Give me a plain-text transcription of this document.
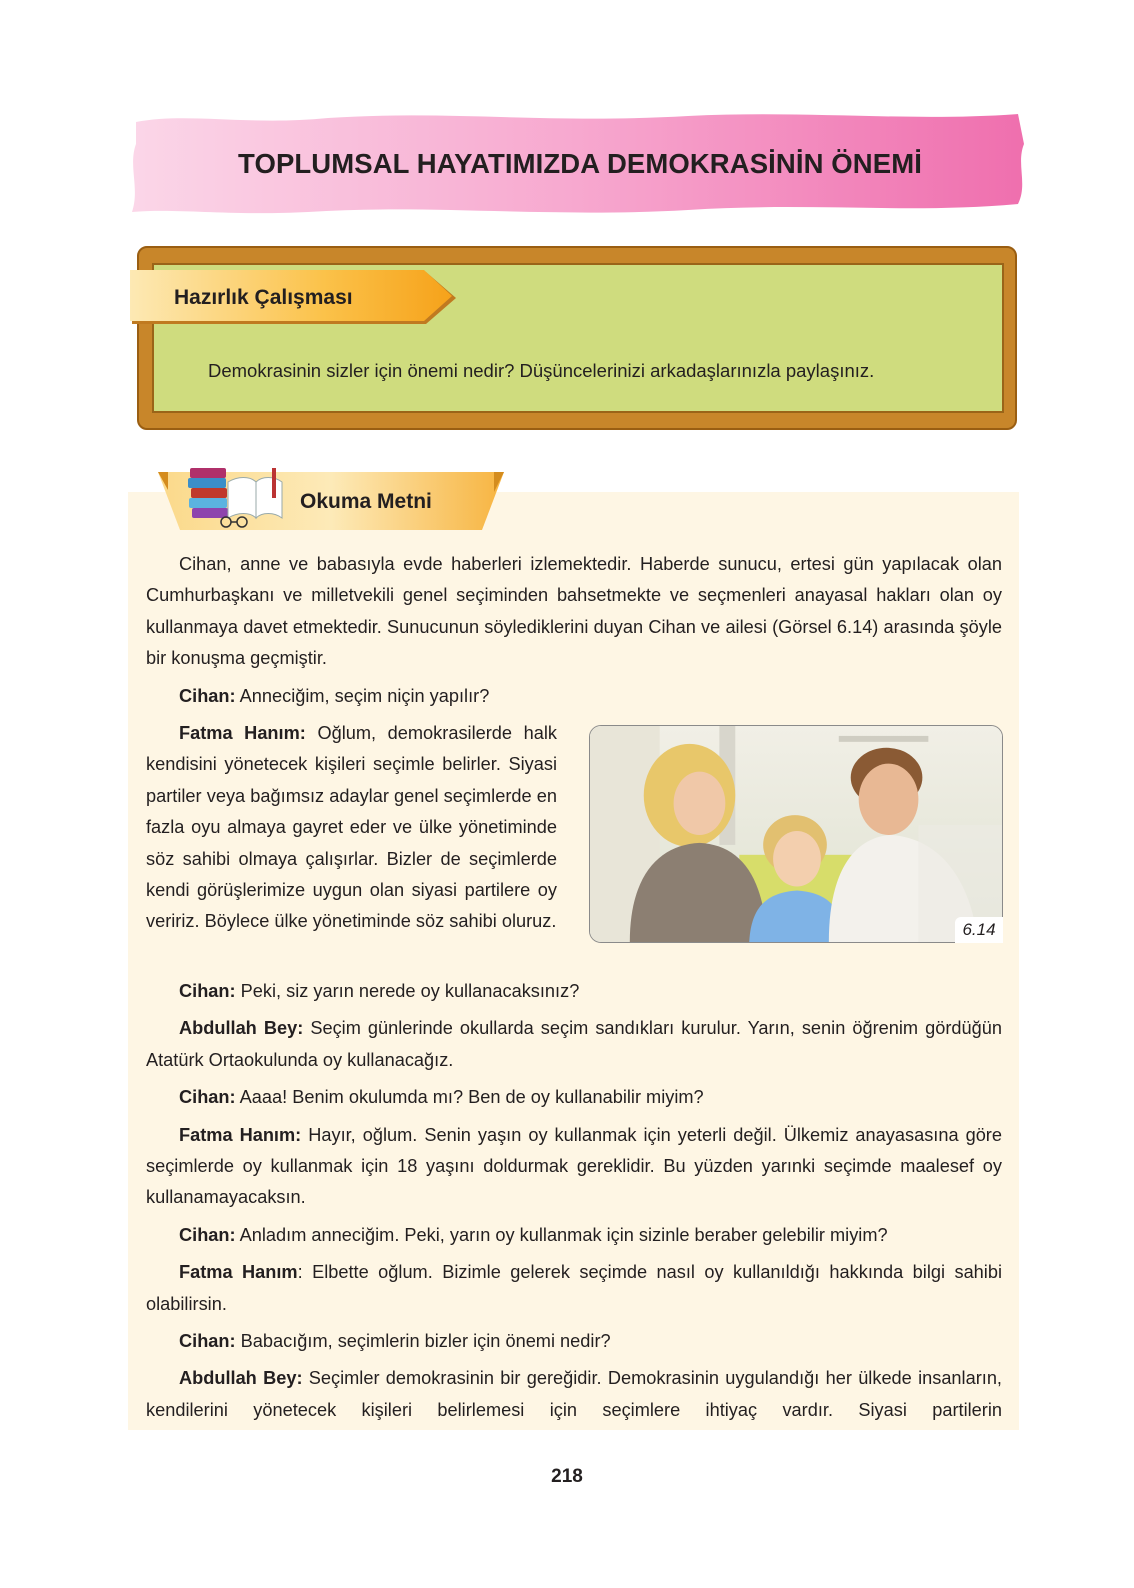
TOPLUMSAL HAYATIMIZDA DEMOKRASİNİN ÖNEMİ
Hazırlık Çalışması
Demokrasinin sizler için önemi nedir? Düşüncelerinizi arkadaşlarınızla paylaşınız.
Okuma Metni

Cihan, anne ve babasıyla evde haberleri izlemektedir. Haberde sunucu, ertesi gün yapılacak olan Cumhurbaşkanı ve milletvekili genel seçiminden bahsetmekte ve seçmenleri anayasal hakları olan oy kullanmaya davet etmektedir. Sunucunun söylediklerini duyan Cihan ve ailesi (Görsel 6.14) arasında şöyle bir konuşma geçmiştir.

Cihan: Anneciğim, seçim niçin yapılır?

Fatma Hanım: Oğlum, demokrasilerde halk kendisini yönetecek kişileri seçimle belirler. Siyasi partiler veya bağımsız adaylar genel seçimlerde en fazla oyu almaya gayret eder ve ülke yönetiminde söz sahibi olmaya çalışırlar. Bizler de seçimlerde kendi görüşlerimize uygun olan siyasi partilere oy veririz. Böylece ülke yönetiminde söz sahibi oluruz.	6.14

Cihan: Peki, siz yarın nerede oy kullanacaksınız?

Abdullah Bey: Seçim günlerinde okullarda seçim sandıkları kurulur. Yarın, senin öğrenim gördüğün Atatürk Ortaokulunda oy kullanacağız.

Cihan: Aaaa! Benim okulumda mı? Ben de oy kullanabilir miyim?

Fatma Hanım: Hayır, oğlum. Senin yaşın oy kullanmak için yeterli değil. Ülkemiz anayasasına göre seçimlerde oy kullanmak için 18 yaşını doldurmak gereklidir. Bu yüzden yarınki seçimde maalesef oy kullanamayacaksın.

Cihan: Anladım anneciğim. Peki, yarın oy kullanmak için sizinle beraber gelebilir miyim?

Fatma Hanım: Elbette oğlum. Bizimle gelerek seçimde nasıl oy kullanıldığı hakkında bilgi sahibi olabilirsin.

Cihan: Babacığım, seçimlerin bizler için önemi nedir?

Abdullah Bey: Seçimler demokrasinin bir gereğidir. Demokrasinin uygulandığı her ülkede insanların, kendilerini yönetecek kişileri belirlemesi için seçimlere ihtiyaç vardır. Siyasi partilerin

218
